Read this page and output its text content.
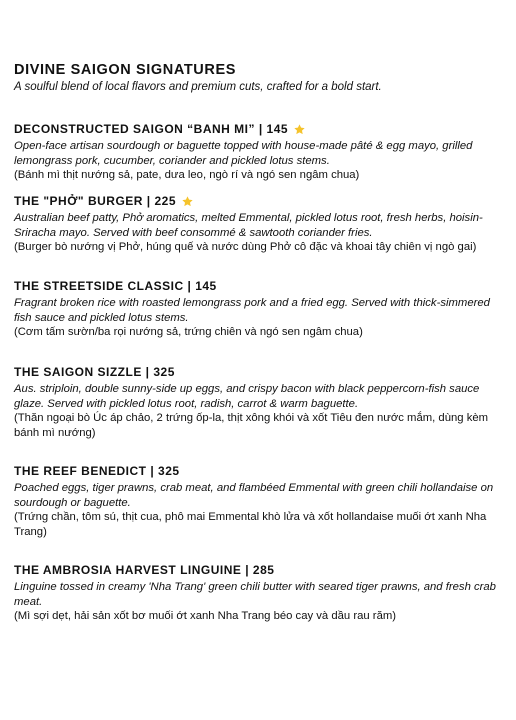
DIVINE SAIGON SIGNATURES

A soulful blend of local flavors and premium cuts, crafted for a bold start.

DECONSTRUCTED SAIGON “BANH MI” | 145

Open-face artisan sourdough or baguette topped with house-made pâté & egg mayo, grilled lemongrass pork, cucumber, coriander and pickled lotus stems.

(Bánh mì thịt nướng sả, pate, dưa leo, ngò rí và ngó sen ngâm chua)

THE "PHỞ" BURGER | 225

Australian beef patty, Phở aromatics, melted Emmental, pickled lotus root, fresh herbs, hoisin-Sriracha mayo. Served with beef consommé & sawtooth coriander fries.

(Burger bò nướng vị Phở, húng quế và nước dùng Phở cô đặc và khoai tây chiên vị ngò gai)

THE STREETSIDE CLASSIC | 145

Fragrant broken rice with roasted lemongrass pork and a fried egg. Served with thick-simmered fish sauce and pickled lotus stems.

(Cơm tấm sườn/ba rọi nướng sả, trứng chiên và ngó sen ngâm chua)

THE SAIGON SIZZLE | 325

Aus. striploin, double sunny-side up eggs, and crispy bacon with black peppercorn-fish sauce glaze. Served with pickled lotus root, radish, carrot & warm baguette.

(Thăn ngoại bò Úc áp chảo, 2 trứng ốp-la, thịt xông khói và xốt Tiêu đen nước mắm, dùng kèm bánh mì nướng)

THE REEF BENEDICT | 325

Poached eggs, tiger prawns, crab meat, and flambéed Emmental with green chili hollandaise on sourdough or baguette.

(Trứng chần, tôm sú, thịt cua, phô mai Emmental khò lửa và xốt hollandaise muối ớt xanh Nha Trang)

THE AMBROSIA HARVEST LINGUINE | 285

Linguine tossed in creamy 'Nha Trang' green chili butter with seared tiger prawns, and fresh crab meat.

(Mì sợi dẹt, hải sản xốt bơ muối ớt xanh Nha Trang béo cay và dầu rau răm)
